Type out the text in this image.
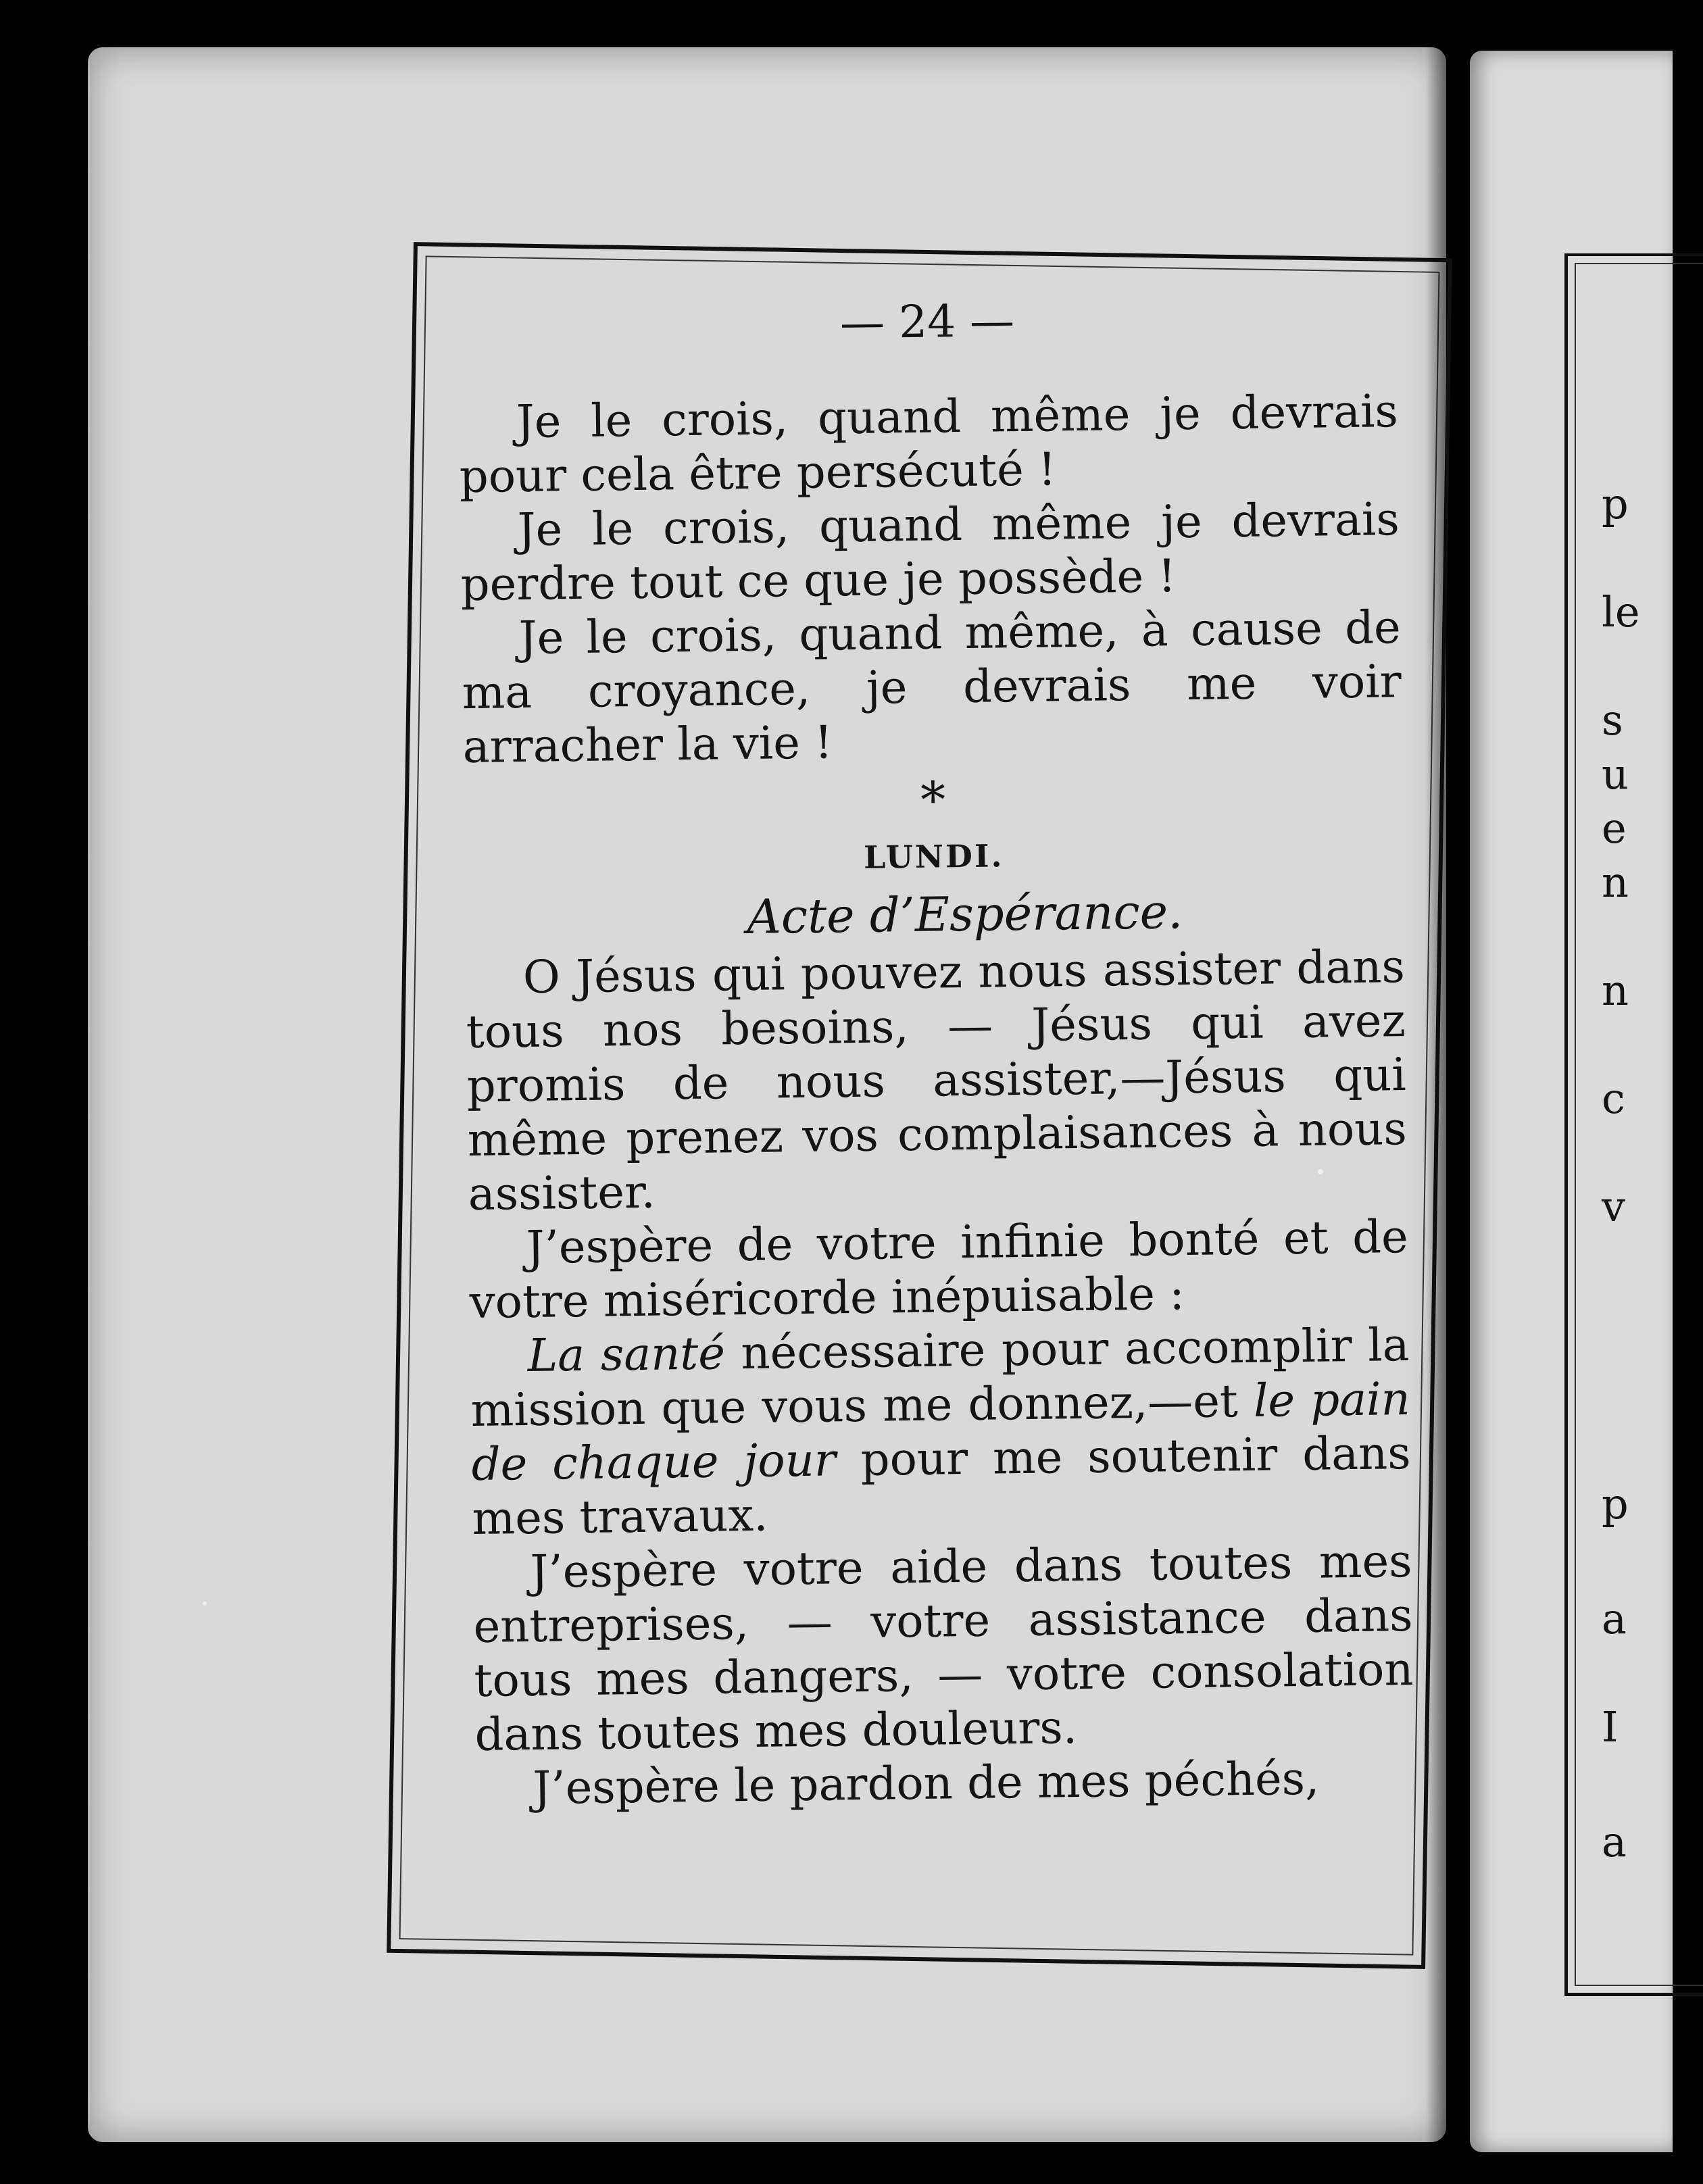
— 24 —

Je le crois, quand même je devrais pour cela être persécuté !

Je le crois, quand même je devrais perdre tout ce que je possède !

Je le crois, quand même, à cause de ma croyance, je devrais me voir arracher la vie !

*
LUNDI.
Acte d’Espérance.

O Jésus qui pouvez nous assister dans tous nos besoins, — Jésus qui avez promis de nous assister,—Jésus qui même prenez vos complaisances à nous assister.

J’espère de votre infinie bonté et de votre miséricorde inépuisable :

La santé nécessaire pour accomplir la mission que vous me donnez,—et le pain de chaque jour pour me soutenir dans mes travaux.

J’espère votre aide dans toutes mes entreprises, — votre assistance dans tous mes dangers, — votre consolation dans toutes mes douleurs.

J’espère le pardon de mes péchés,

p
le
s
u
e
n
n
c
v
p
a
I
a
